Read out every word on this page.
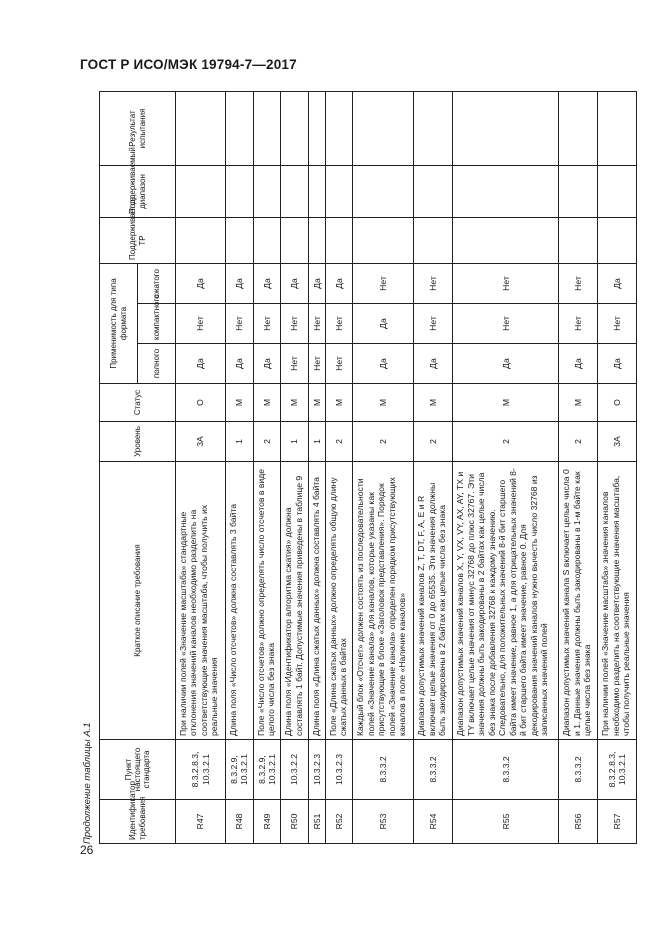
ГОСТ Р ИСО/МЭК 19794-7—2017
Продолжение таблицы А.1	Идентификатор требования	Пункт настоящего стандарта	Краткое описание требования	Уровень	Статус	Применимость для типа формата			Поддерживается ТР	Поддерживаемый диапазон	Результат испытания
					полного	компактного	сжатого			
R47	8.3.2.8.3, 10.3.2.1	При наличии полей «Значение масштаба» стандартные отклонения значений каналов необходимо разделить на соответствующие значения масштаба, чтобы получить их реальные значения	3A	O	Да	Нет	Да			
R48	8.3.2.9, 10.3.2.1	Длина поля «Число отсчетов» должна составлять 3 байта	1	M	Да	Нет	Да			
R49	8.3.2.9, 10.3.2.1	Поле «Число отсчетов» должно определять число отсчетов в виде целого числа без знака	2	M	Да	Нет	Да			
R50	10.3.2.2	Длина поля «Идентификатор алгоритма сжатия» должна составлять 1 байт. Допустимые значения приведены в таблице 9	1	M	Нет	Нет	Да			
R51	10.3.2.3	Длина поля «Длина сжатых данных» должна составлять 4 байта	1	M	Нет	Нет	Да			
R52	10.3.2.3	Поле «Длина сжатых данных» должно определять общую длину сжатых данных в байтах	2	M	Нет	Нет	Да			
R53	8.3.3.2	Каждый блок «Отсчет» должен состоять из последовательности полей «Значение канала» для каналов, которые указаны как присутствующие в блоке «Заголовок представления». Порядок полей «Значение канала» определен порядком присутствующих каналов в поле «Наличие каналов»	2	M	Да	Да	Нет			
R54	8.3.3.2	Диапазон допустимых значений каналов Z, T, DT, F, A, E и R включает целые значения от 0 до 65535. Эти значения должны быть закодированы в 2 байтах как целые числа без знака	2	M	Да	Нет	Нет			
R55	8.3.3.2	Диапазон допустимых значений каналов X, Y, VX, VY, AX, AY, TX и TY включает целые значения от минус 32768 до плюс 32767. Эти значения должны быть закодированы в 2 байтах как целые числа без знака после добавления 32768 к каждому значению. Следовательно, для положительных значений 8-й бит старшего байта имеет значение, равное 1, а для отрицательных значений 8-й бит старшего байта имеет значение, равное 0. Для декодирования значений каналов нужно вычесть число 32768 из записанных значений полей	2	M	Да	Нет	Нет			
R56	8.3.3.2	Диапазон допустимых значений канала S включает целые числа 0 и 1. Данные значения должны быть закодированы в 1-м байте как целые числа без знака	2	M	Да	Нет	Нет			
R57	8.3.2.8.3, 10.3.2.1	При наличии полей «Значение масштаба» значения каналов необходимо разделить на соответствующие значения масштаба, чтобы получить реальные значения	3A	O	Да	Нет	Да			
26
